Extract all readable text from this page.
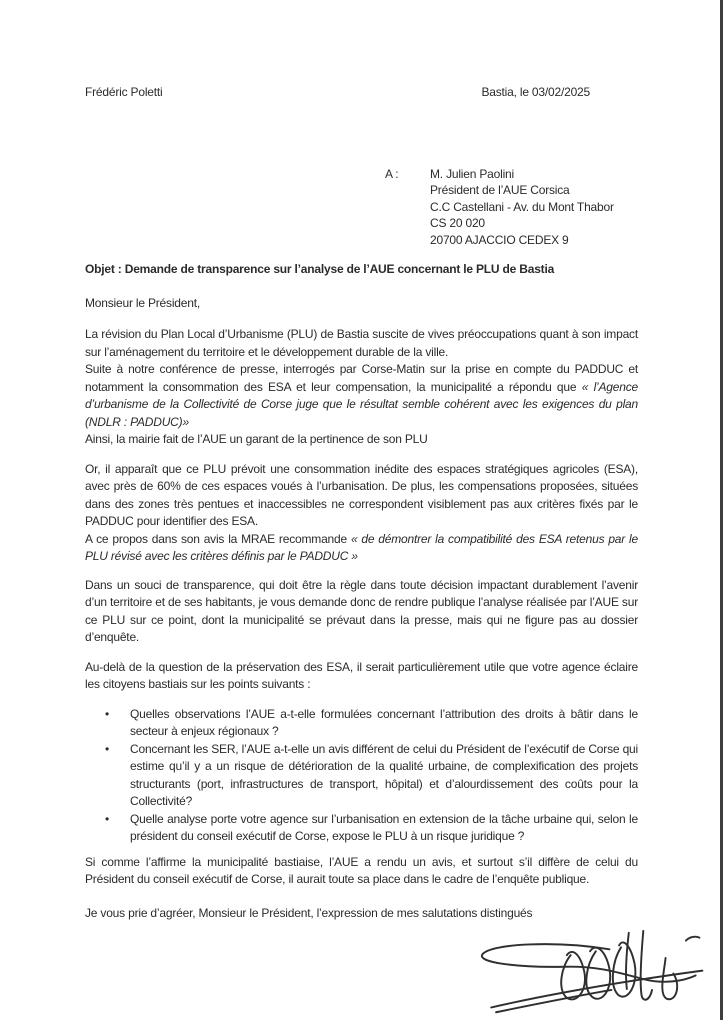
Frédéric Poletti	Bastia, le 03/02/2025
A :	M. Julien Paolini
Président de l’AUE Corsica
C.C Castellani - Av. du Mont Thabor
CS 20 020
20700 AJACCIO CEDEX 9

Objet : Demande de transparence sur l’analyse de l’AUE concernant le PLU de Bastia

Monsieur le Président,

La révision du Plan Local d’Urbanisme (PLU) de Bastia suscite de vives préoccupations quant à son impact sur l’aménagement du territoire et le développement durable de la ville.

Suite à notre conférence de presse, interrogés par Corse-Matin sur la prise en compte du PADDUC et notamment la consommation des ESA et leur compensation, la municipalité a répondu que « l’Agence d’urbanisme de la Collectivité de Corse juge que le résultat semble cohérent avec les exigences du plan (NDLR : PADDUC)»

Ainsi, la mairie fait de l’AUE un garant de la pertinence de son PLU

Or, il apparaît que ce PLU prévoit une consommation inédite des espaces stratégiques agricoles (ESA), avec près de 60% de ces espaces voués à l’urbanisation. De plus, les compensations proposées, situées dans des zones très pentues et inaccessibles ne correspondent visiblement pas aux critères fixés par le PADDUC pour identifier des ESA.

A ce propos dans son avis la MRAE recommande « de démontrer la compatibilité des ESA retenus par le PLU révisé avec les critères définis par le PADDUC »

Dans un souci de transparence, qui doit être la règle dans toute décision impactant durablement l’avenir d’un territoire et de ses habitants, je vous demande donc de rendre publique l’analyse réalisée par l’AUE sur ce PLU sur ce point, dont la municipalité se prévaut dans la presse, mais qui ne figure pas au dossier d’enquête.

Au-delà de la question de la préservation des ESA, il serait particulièrement utile que votre agence éclaire les citoyens bastiais sur les points suivants :

•	Quelles observations l’AUE a-t-elle formulées concernant l’attribution des droits à bâtir dans le secteur à enjeux régionaux ?

•	Concernant les SER, l’AUE a-t-elle un avis différent de celui du Président de l’exécutif de Corse qui estime qu’il y a un risque de détérioration de la qualité urbaine, de complexification des projets structurants (port, infrastructures de transport, hôpital) et d’alourdissement des coûts pour la Collectivité?

•	Quelle analyse porte votre agence sur l’urbanisation en extension de la tâche urbaine qui, selon le président du conseil exécutif de Corse, expose le PLU à un risque juridique ?

Si comme l’affirme la municipalité bastiaise, l’AUE a rendu un avis, et surtout s’il diffère de celui du Président du conseil exécutif de Corse, il aurait toute sa place dans le cadre de l’enquête publique.

Je vous prie d’agréer, Monsieur le Président, l’expression de mes salutations distingués
